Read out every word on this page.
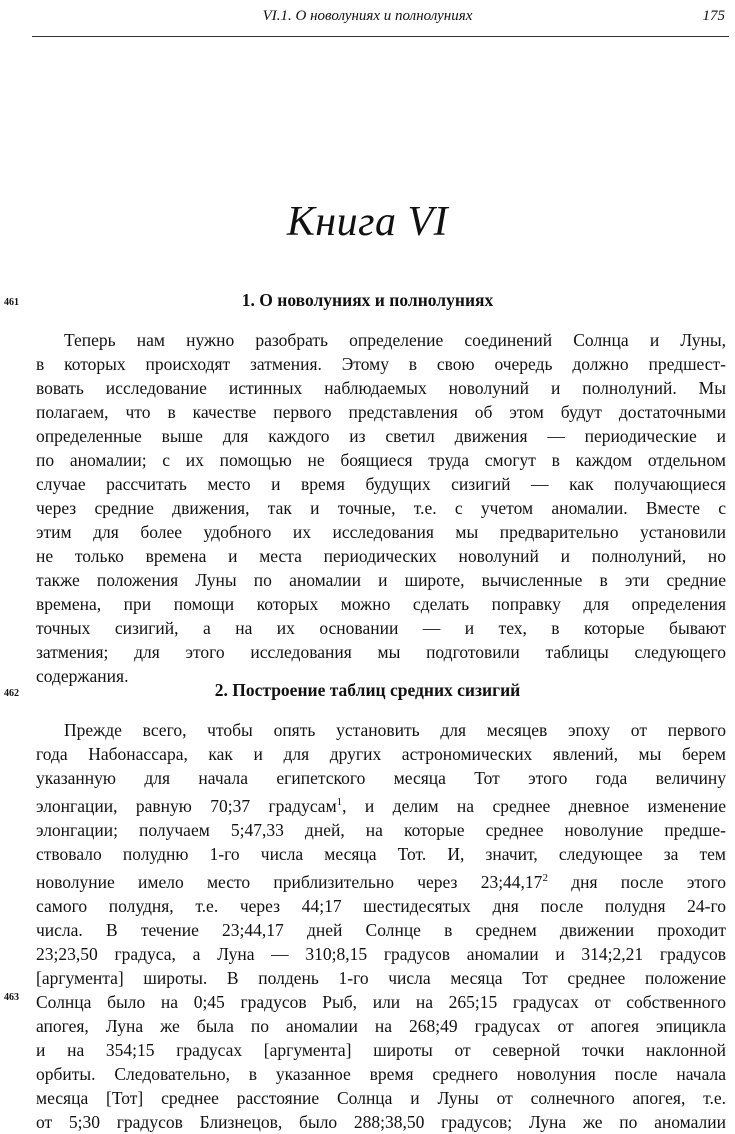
VI.1. О новолуниях и полнолуниях	175
Книга VI
461	1. О новолуниях и полнолуниях
Теперь нам нужно разобрать определение соединений Солнца и Луны,
в которых происходят затмения. Этому в свою очередь должно предшест-
вовать исследование истинных наблюдаемых новолуний и полнолуний. Мы
полагаем, что в качестве первого представления об этом будут достаточными
определенные выше для каждого из светил движения — периодические и
по аномалии; с их помощью не боящиеся труда смогут в каждом отдельном
случае рассчитать место и время будущих сизигий — как получающиеся
через средние движения, так и точные, т.е. с учетом аномалии. Вместе с
этим для более удобного их исследования мы предварительно установили
не только времена и места периодических новолуний и полнолуний, но
также положения Луны по аномалии и широте, вычисленные в эти средние
времена, при помощи которых можно сделать поправку для определения
точных сизигий, а на их основании — и тех, в которые бывают
затмения; для этого исследования мы подготовили таблицы следующего
содержания.
462	2. Построение таблиц средних сизигий
Прежде всего, чтобы опять установить для месяцев эпоху от первого
года Набонассара, как и для других астрономических явлений, мы берем
указанную для начала египетского месяца Тот этого года величину
элонгации, равную 70;37 градусам$^1$, и делим на среднее дневное изменение
элонгации; получаем 5;47,33 дней, на которые среднее новолуние предше-
ствовало полудню 1-го числа месяца Тот. И, значит, следующее за тем
новолуние имело место приблизительно через 23;44,17$^2$ дня после этого
самого полудня, т.е. через 44;17 шестидесятых дня после полудня 24-го
числа. В течение 23;44,17 дней Солнце в среднем движении проходит
23;23,50 градуса, а Луна — 310;8,15 градусов аномалии и 314;2,21 градусов
[аргумента] широты. В полдень 1-го числа месяца Тот среднее положение
Солнца было на 0;45 градусов Рыб, или на 265;15 градусах от собственного
апогея, Луна же была по аномалии на 268;49 градусах от апогея эпицикла
и на 354;15 градусах [аргумента] широты от северной точки наклонной
орбиты. Следовательно, в указанное время среднего новолуния после начала
месяца [Тот] среднее расстояние Солнца и Луны от солнечного апогея, т.е.
от 5;30 градусов Близнецов, было 288;38,50 градусов; Луна же по аномалии
463
